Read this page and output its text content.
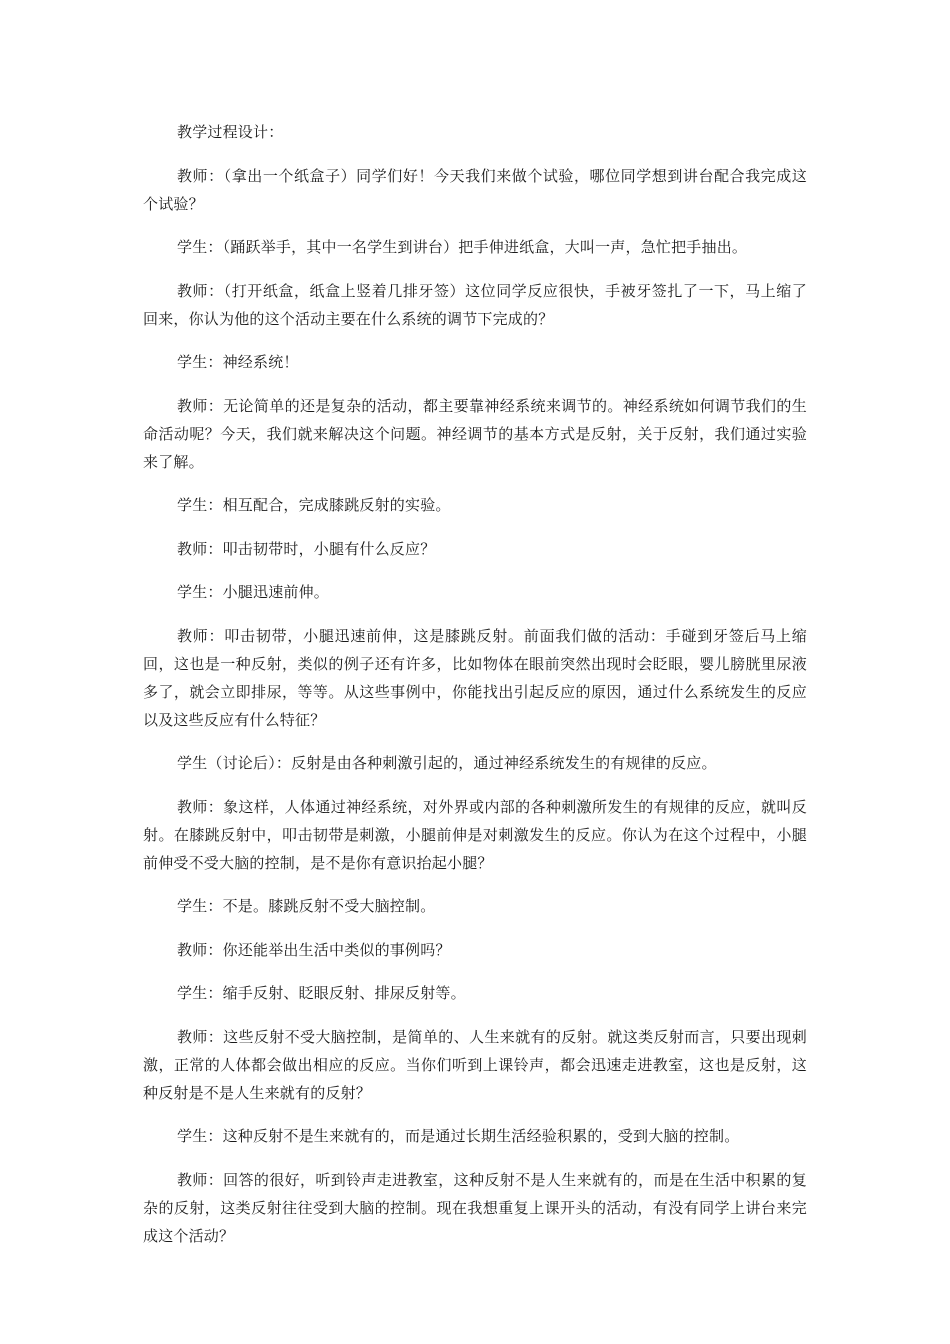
教学过程设计：

教师：（拿出一个纸盒子）同学们好！今天我们来做个试验，哪位同学想到讲台配合我完成这个试验？

学生：（踊跃举手，其中一名学生到讲台）把手伸进纸盒，大叫一声，急忙把手抽出。

教师：（打开纸盒，纸盒上竖着几排牙签）这位同学反应很快，手被牙签扎了一下，马上缩了回来，你认为他的这个活动主要在什么系统的调节下完成的？

学生：神经系统！

教师：无论简单的还是复杂的活动，都主要靠神经系统来调节的。神经系统如何调节我们的生命活动呢？今天，我们就来解决这个问题。神经调节的基本方式是反射，关于反射，我们通过实验来了解。

学生：相互配合，完成膝跳反射的实验。

教师：叩击韧带时，小腿有什么反应？

学生：小腿迅速前伸。

教师：叩击韧带，小腿迅速前伸，这是膝跳反射。前面我们做的活动：手碰到牙签后马上缩回，这也是一种反射，类似的例子还有许多，比如物体在眼前突然出现时会眨眼，婴儿膀胱里尿液多了，就会立即排尿，等等。从这些事例中，你能找出引起反应的原因，通过什么系统发生的反应以及这些反应有什么特征？

学生（讨论后）：反射是由各种刺激引起的，通过神经系统发生的有规律的反应。

教师：象这样，人体通过神经系统，对外界或内部的各种刺激所发生的有规律的反应，就叫反射。在膝跳反射中，叩击韧带是刺激，小腿前伸是对刺激发生的反应。你认为在这个过程中，小腿前伸受不受大脑的控制，是不是你有意识抬起小腿？

学生：不是。膝跳反射不受大脑控制。

教师：你还能举出生活中类似的事例吗？

学生：缩手反射、眨眼反射、排尿反射等。

教师：这些反射不受大脑控制，是简单的、人生来就有的反射。就这类反射而言，只要出现刺激，正常的人体都会做出相应的反应。当你们听到上课铃声，都会迅速走进教室，这也是反射，这种反射是不是人生来就有的反射？

学生：这种反射不是生来就有的，而是通过长期生活经验积累的，受到大脑的控制。

教师：回答的很好，听到铃声走进教室，这种反射不是人生来就有的，而是在生活中积累的复杂的反射，这类反射往往受到大脑的控制。现在我想重复上课开头的活动，有没有同学上讲台来完成这个活动？
